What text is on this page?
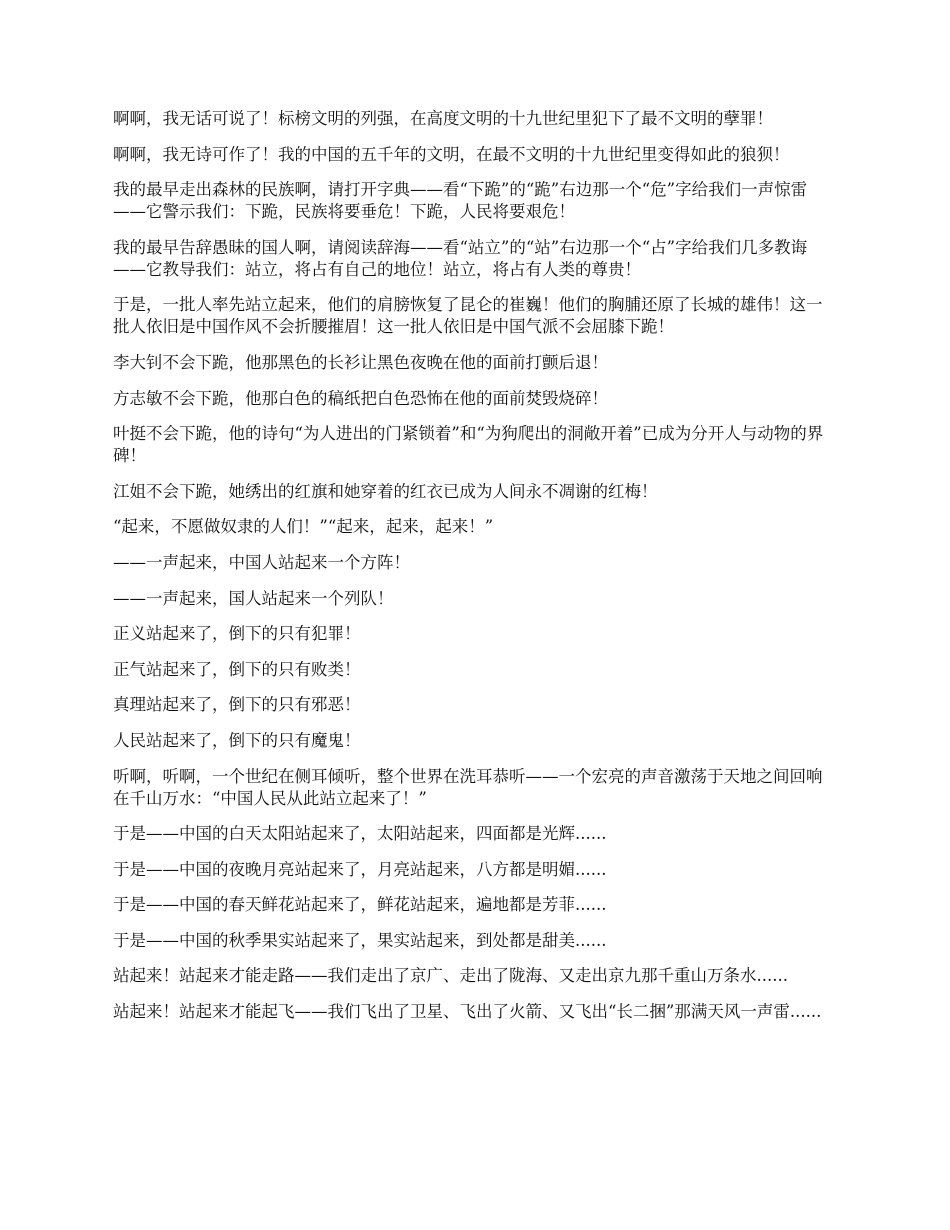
啊啊，我无话可说了！标榜文明的列强，在高度文明的十九世纪里犯下了最不文明的孽罪！

啊啊，我无诗可作了！我的中国的五千年的文明，在最不文明的十九世纪里变得如此的狼狈！

我的最早走出森林的民族啊，请打开字典——看“下跪”的“跪”右边那一个“危”字给我们一声惊雷——它警示我们：下跪，民族将要垂危！下跪，人民将要艰危！

我的最早告辞愚昧的国人啊，请阅读辞海——看“站立”的“站”右边那一个“占”字给我们几多教诲——它教导我们：站立，将占有自己的地位！站立，将占有人类的尊贵！

于是，一批人率先站立起来，他们的肩膀恢复了昆仑的崔巍！他们的胸脯还原了长城的雄伟！这一批人依旧是中国作风不会折腰摧眉！这一批人依旧是中国气派不会屈膝下跪！

李大钊不会下跪，他那黑色的长衫让黑色夜晚在他的面前打颤后退！

方志敏不会下跪，他那白色的稿纸把白色恐怖在他的面前焚毁烧碎！

叶挺不会下跪，他的诗句“为人进出的门紧锁着”和“为狗爬出的洞敞开着”已成为分开人与动物的界碑！

江姐不会下跪，她绣出的红旗和她穿着的红衣已成为人间永不凋谢的红梅！

“起来，不愿做奴隶的人们！”“起来，起来，起来！”

——一声起来，中国人站起来一个方阵！

——一声起来，国人站起来一个列队！

正义站起来了，倒下的只有犯罪！

正气站起来了，倒下的只有败类！

真理站起来了，倒下的只有邪恶！

人民站起来了，倒下的只有魔鬼！

听啊，听啊，一个世纪在侧耳倾听，整个世界在洗耳恭听——一个宏亮的声音激荡于天地之间回响在千山万水：“中国人民从此站立起来了！”

于是——中国的白天太阳站起来了，太阳站起来，四面都是光辉......

于是——中国的夜晚月亮站起来了，月亮站起来，八方都是明媚......

于是——中国的春天鲜花站起来了，鲜花站起来，遍地都是芳菲......

于是——中国的秋季果实站起来了，果实站起来，到处都是甜美......

站起来！站起来才能走路——我们走出了京广、走出了陇海、又走出京九那千重山万条水......

站起来！站起来才能起飞——我们飞出了卫星、飞出了火箭、又飞出“长二捆”那满天风一声雷......
